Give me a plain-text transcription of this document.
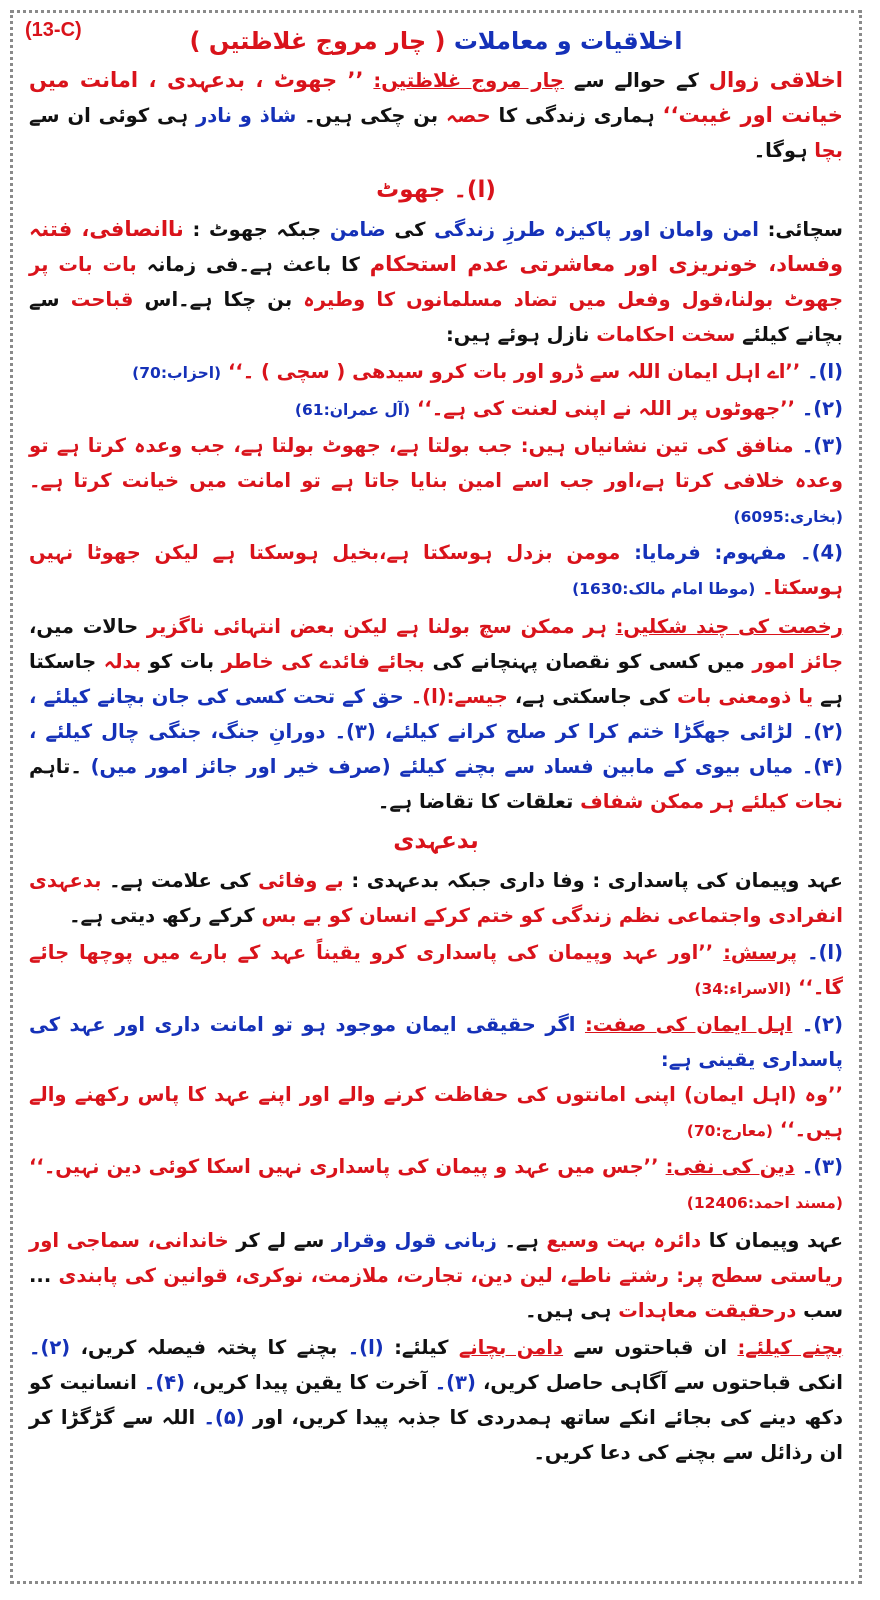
(13-C)	اخلاقیات و معاملات ( چار مروج غلاظتیں )

اخلاقی زوال کے حوالے سے چار مروج غلاظتیں: ’’ جھوٹ ، بدعہدی ، امانت میں خیانت اور غیبت‘‘ ہماری زندگی کا حصہ بن چکی ہیں۔ شاذ و نادر ہی کوئی ان سے بچا ہوگا۔

(ا)۔ جھوٹ

سچائی: امن وامان اور پاکیزہ طرزِ زندگی کی ضامن جبکہ جھوٹ : ناانصافی، فتنہ وفساد، خونریزی اور معاشرتی عدم استحکام کا باعث ہے۔فی زمانہ بات بات پر جھوٹ بولنا،قول وفعل میں تضاد مسلمانوں کا وطیرہ بن چکا ہے۔اس قباحت سے بچانے کیلئے سخت احکامات نازل ہوئے ہیں:

(ا)۔ ’’اے اہل ایمان اللہ سے ڈرو اور بات کرو سیدھی ( سچی ) ۔‘‘ (احزاب:70)

(۲)۔ ’’جھوٹوں پر اللہ نے اپنی لعنت کی ہے۔‘‘ (آل عمران:61)

(۳)۔ منافق کی تین نشانیاں ہیں: جب بولتا ہے، جھوٹ بولتا ہے، جب وعدہ کرتا ہے تو وعدہ خلافی کرتا ہے،اور جب اسے امین بنایا جاتا ہے تو امانت میں خیانت کرتا ہے۔ (بخاری:6095)

(4)۔ مفہوم: فرمایا: مومن بزدل ہوسکتا ہے،بخیل ہوسکتا ہے لیکن جھوٹا نہیں ہوسکتا۔ (موطا امام مالک:1630)

رخصت کی چند شکلیں: ہر ممکن سچ بولنا ہے لیکن بعض انتہائی ناگزیر حالات میں، جائز امور میں کسی کو نقصان پہنچانے کی بجائے فائدے کی خاطر بات کو بدلہ جاسکتا ہے یا ذومعنی بات کی جاسکتی ہے، جیسے:(ا)۔ حق کے تحت کسی کی جان بچانے کیلئے ، (۲)۔ لڑائی جھگڑا ختم کرا کر صلح کرانے کیلئے، (۳)۔ دورانِ جنگ، جنگی چال کیلئے ، (۴)۔ میاں بیوی کے مابین فساد سے بچنے کیلئے (صرف خیر اور جائز امور میں) ۔تاہم نجات کیلئے ہر ممکن شفاف تعلقات کا تقاضا ہے۔

بدعہدی

عہد وپیمان کی پاسداری : وفا داری جبکہ بدعہدی : بے وفائی کی علامت ہے۔ بدعہدی انفرادی واجتماعی نظم زندگی کو ختم کرکے انسان کو بے بس کرکے رکھ دیتی ہے۔

(ا)۔ پرسش: ’’اور عہد وپیمان کی پاسداری کرو یقیناً عہد کے بارے میں پوچھا جائے گا۔‘‘ (الاسراء:34)

(۲)۔ اہل ایمان کی صفت: اگر حقیقی ایمان موجود ہو تو امانت داری اور عہد کی پاسداری یقینی ہے:

’’وہ (اہل ایمان) اپنی امانتوں کی حفاظت کرنے والے اور اپنے عہد کا پاس رکھنے والے ہیں۔‘‘ (معارج:70)

(۳)۔ دین کی نفی: ’’جس میں عہد و پیمان کی پاسداری نہیں اسکا کوئی دین نہیں۔‘‘ (مسند احمد:12406)

عہد وپیمان کا دائرہ بہت وسیع ہے۔ زبانی قول وقرار سے لے کر خاندانی، سماجی اور ریاستی سطح پر: رشتے ناطے، لین دین، تجارت، ملازمت، نوکری، قوانین کی پابندی ... سب درحقیقت معاہدات ہی ہیں۔

بچنے کیلئے: ان قباحتوں سے دامن بچانے کیلئے: (ا)۔ بچنے کا پختہ فیصلہ کریں، (۲)۔ انکی قباحتوں سے آگاہی حاصل کریں، (۳)۔ آخرت کا یقین پیدا کریں، (۴)۔ انسانیت کو دکھ دینے کی بجائے انکے ساتھ ہمدردی کا جذبہ پیدا کریں، اور (۵)۔ اللہ سے گڑگڑا کر ان رذائل سے بچنے کی دعا کریں۔
